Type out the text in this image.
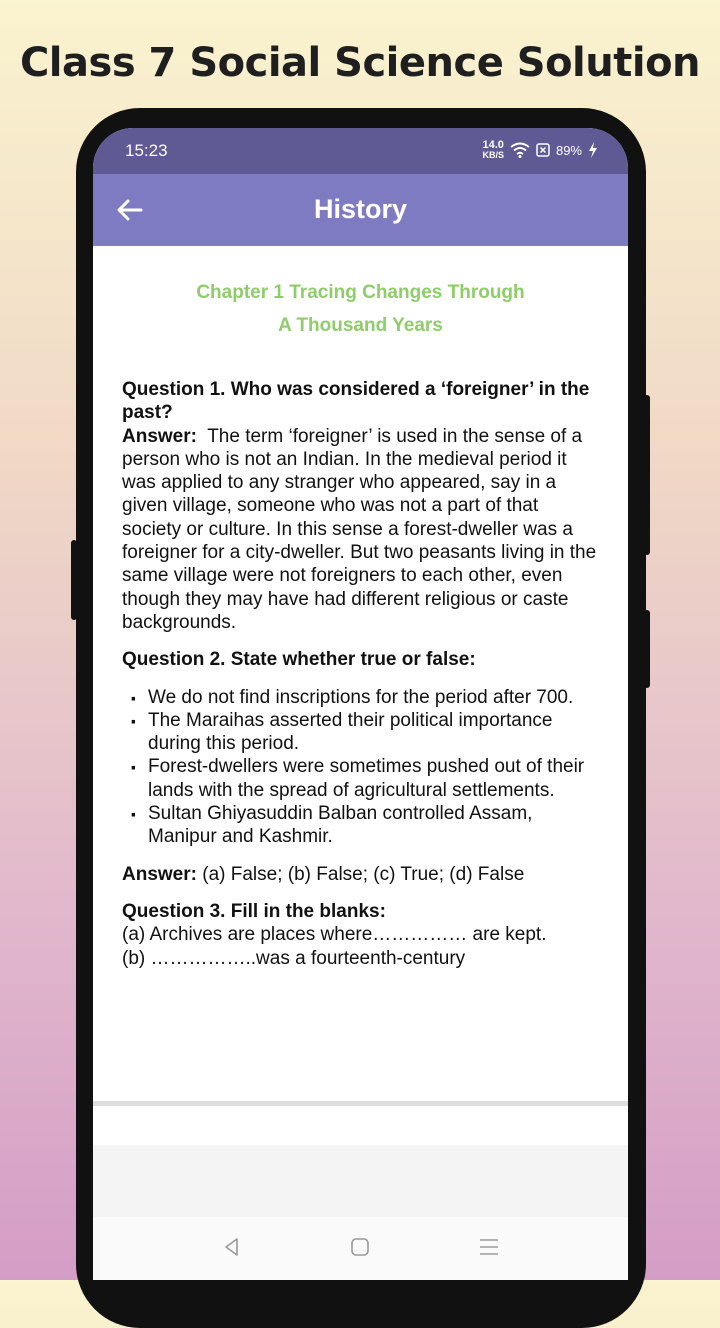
Class 7 Social Science Solution
15:23	14.0
KB/S	89%
History
Chapter 1 Tracing Changes Through
A Thousand Years
Question 1. Who was considered a ‘foreigner’ in the past?
Answer: The term ‘foreigner’ is used in the sense of a person who is not an Indian. In the medieval period it was applied to any stranger who appeared, say in a given village, someone who was not a part of that society or culture. In this sense a forest-dweller was a foreigner for a city-dweller. But two peasants living in the same village were not foreigners to each other, even though they may have had different religious or caste backgrounds.
Question 2. State whether true or false:
· We do not find inscriptions for the period after 700.
· The Maraihas asserted their political importance during this period.
· Forest-dwellers were sometimes pushed out of their lands with the spread of agricultural settlements.
· Sultan Ghiyasuddin Balban controlled Assam, Manipur and Kashmir.
Answer: (a) False; (b) False; (c) True; (d) False
Question 3. Fill in the blanks:
(a) Archives are places where…………… are kept.
(b) ……………..was a fourteenth-century
